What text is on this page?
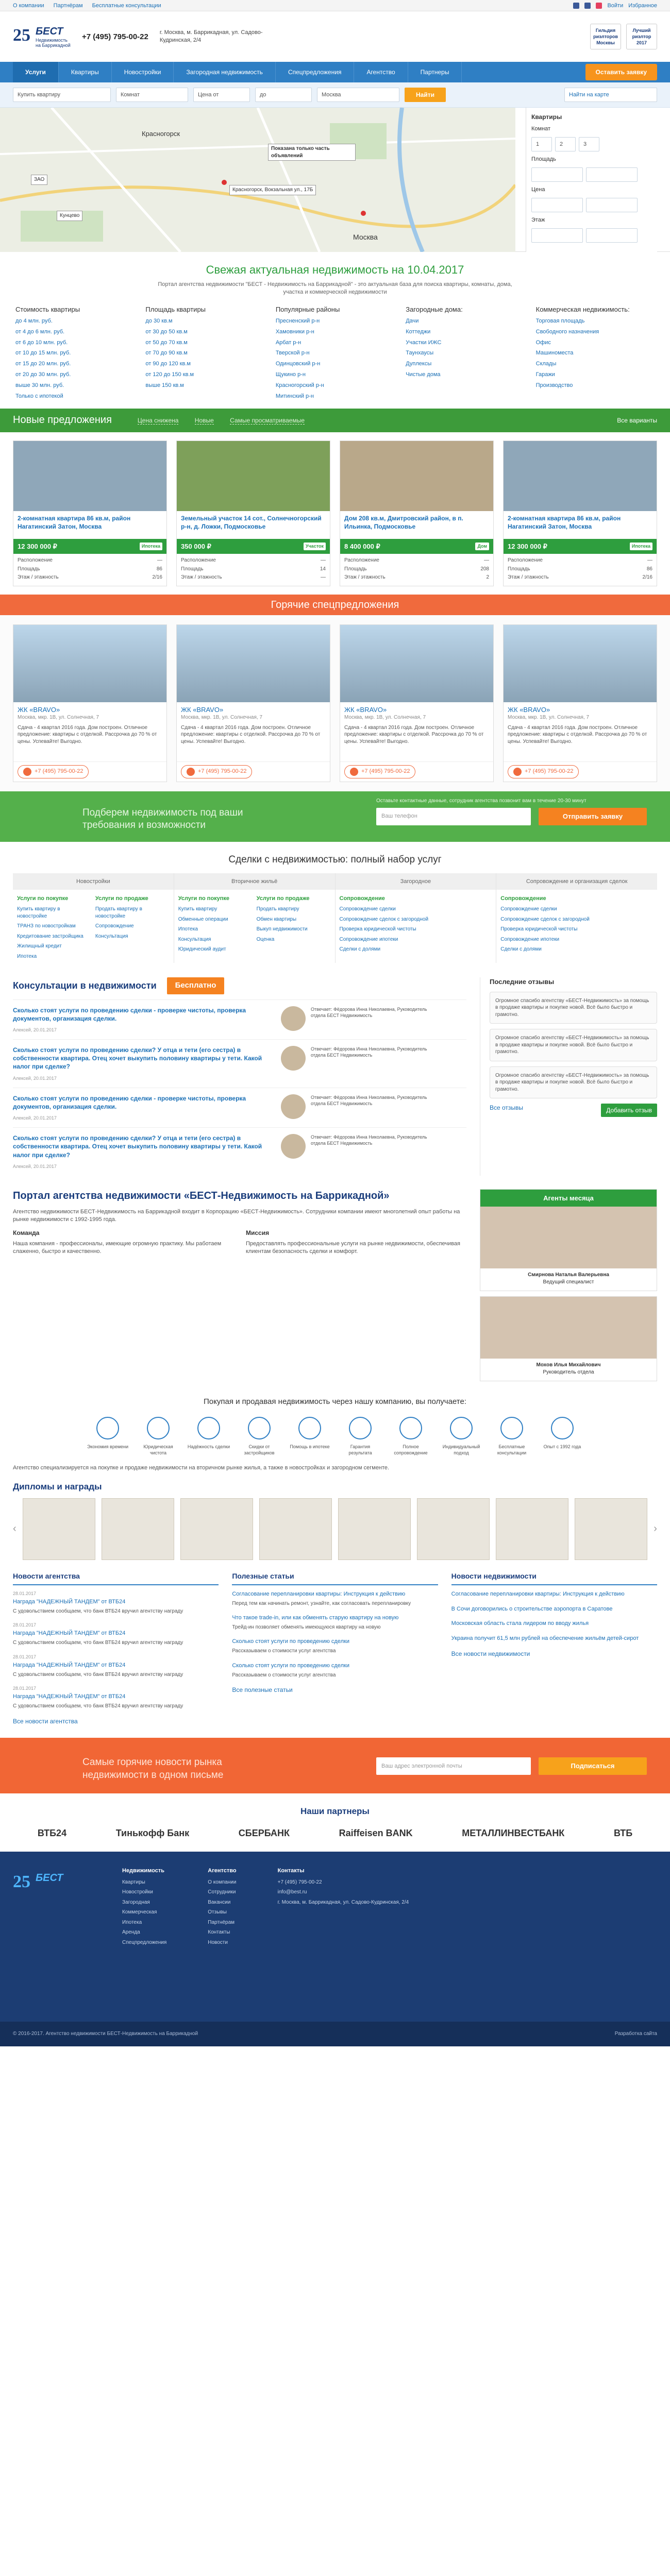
О компании Партнёрам Бесплатные консультации	Войти Избранное
25 БЕСТ
Недвижимость на Баррикадной
+7 (495) 795-00-22 г. Москва, м. Баррикадная, ул. Садово-Кудринская, 2/4
Гильдия риэлторов Москвы
Лучший риэлтор 2017
Услуги	Квартиры	Новостройки	Загородная недвижимость	Спецпредложения	Агентство	Партнеры	Оставить заявку
Купить квартиру	Комнат	Цена от	до	Москва	Найти	Найти на карте
Красногорск
Кунцево
ЗАО
Москва
Показана только часть объявлений
Красногорск, Вокзальная ул., 17Б
Квартиры
Комнат
1	2	3
Площадь
Цена
Этаж
Свежая актуальная недвижимость на 10.04.2017
Портал агентства недвижимости "БЕСТ - Недвижимость на Баррикадной" - это актуальная база для поиска квартиры, комнаты, дома, участка и коммерческой недвижимости
Стоимость квартиры
до 4 млн. руб.
от 4 до 6 млн. руб.
от 6 до 10 млн. руб.
от 10 до 15 млн. руб.
от 15 до 20 млн. руб.
от 20 до 30 млн. руб.
выше 30 млн. руб.
Только с ипотекой
Площадь квартиры
до 30 кв.м
от 30 до 50 кв.м
от 50 до 70 кв.м
от 70 до 90 кв.м
от 90 до 120 кв.м
от 120 до 150 кв.м
выше 150 кв.м
Популярные районы
Пресненский р-н
Хамовники р-н
Арбат р-н
Тверской р-н
Одинцовский р-н
Щукино р-н
Красногорский р-н
Митинский р-н
Загородные дома:
Дачи
Коттеджи
Участки ИЖС
Таунхаусы
Дуплексы
Чистые дома
Коммерческая недвижимость:
Торговая площадь
Свободного назначения
Офис
Машиноместа
Склады
Гаражи
Производство
Новые предложения	Цена снижена	Новые	Самые просматриваемые	Все варианты
2-комнатная квартира 86 кв.м, район Нагатинский Затон, Москва
12 300 000 ₽	Ипотека
Расположение	—
Площадь	86
Этаж / этажность	2/16
Земельный участок 14 сот., Солнечногорский р-н, д. Ложки, Подмосковье
350 000 ₽	Участок
Расположение	—
Площадь	14
Этаж / этажность	—
Дом 208 кв.м, Дмитровский район, в п. Ильинка, Подмосковье
8 400 000 ₽	Дом
Расположение	—
Площадь	208
Этаж / этажность	2
2-комнатная квартира 86 кв.м, район Нагатинский Затон, Москва
12 300 000 ₽	Ипотека
Расположение	—
Площадь	86
Этаж / этажность	2/16
Горячие спецпредложения
ЖК «BRAVO»
Москва, мкр. 1B, ул. Солнечная, 7
Сдача - 4 квартал 2016 года. Дом построен. Отличное предложение: квартиры с отделкой. Рассрочка до 70 % от цены. Успевайте! Выгодно.
+7 (495) 795-00-22
ЖК «BRAVO»
Москва, мкр. 1B, ул. Солнечная, 7
Сдача - 4 квартал 2016 года. Дом построен. Отличное предложение: квартиры с отделкой. Рассрочка до 70 % от цены. Успевайте! Выгодно.
+7 (495) 795-00-22
ЖК «BRAVO»
Москва, мкр. 1B, ул. Солнечная, 7
Сдача - 4 квартал 2016 года. Дом построен. Отличное предложение: квартиры с отделкой. Рассрочка до 70 % от цены. Успевайте! Выгодно.
+7 (495) 795-00-22
ЖК «BRAVO»
Москва, мкр. 1B, ул. Солнечная, 7
Сдача - 4 квартал 2016 года. Дом построен. Отличное предложение: квартиры с отделкой. Рассрочка до 70 % от цены. Успевайте! Выгодно.
+7 (495) 795-00-22
Подберем недвижимость под ваши требования и возможности
Оставьте контактные данные, сотрудник агентства позвонит вам в течение 20-30 минут
Ваш телефон	Отправить заявку
Сделки с недвижимостью: полный набор услуг
Новостройки
Услуги по покупке
Купить квартиру в новостройке
ТРАНЗ по новостройкам
Кредитование застройщика
Жилищный кредит
Ипотека
Услуги по продаже
Продать квартиру в новостройке
Сопровождение
Консультация
Вторичное жильё
Услуги по покупке
Купить квартиру
Обменные операции
Ипотека
Консультация
Юридический аудит
Услуги по продаже
Продать квартиру
Обмен квартиры
Выкуп недвижимости
Оценка
Загородное
Сопровождение
Сопровождение сделки
Сопровождение сделок с загородной
Проверка юридической чистоты
Сопровождение ипотеки
Сделки с долями
Сопровождение и организация сделок
Сопровождение
Сопровождение сделки
Сопровождение сделок с загородной
Проверка юридической чистоты
Сопровождение ипотеки
Сделки с долями
Консультации в недвижимости	Бесплатно
Сколько стоят услуги по проведению сделки - проверке чистоты, проверка документов, организация сделки.
Алексей, 20.01.2017
Отвечает: Фёдорова Инна Николаевна, Руководитель отдела БЕСТ Недвижимость
Сколько стоят услуги по проведению сделки? У отца и тети (его сестра) в собственности квартира. Отец хочет выкупить половину квартиры у тети. Какой налог при сделке?
Алексей, 20.01.2017
Отвечает: Фёдорова Инна Николаевна, Руководитель отдела БЕСТ Недвижимость
Сколько стоят услуги по проведению сделки - проверке чистоты, проверка документов, организация сделки.
Алексей, 20.01.2017
Отвечает: Фёдорова Инна Николаевна, Руководитель отдела БЕСТ Недвижимость
Сколько стоят услуги по проведению сделки? У отца и тети (его сестра) в собственности квартира. Отец хочет выкупить половину квартиры у тети. Какой налог при сделке?
Алексей, 20.01.2017
Отвечает: Фёдорова Инна Николаевна, Руководитель отдела БЕСТ Недвижимость
Последние отзывы
Огромное спасибо агентству «БЕСТ-Недвижимость» за помощь в продаже квартиры и покупке новой. Всё было быстро и грамотно.
Огромное спасибо агентству «БЕСТ-Недвижимость» за помощь в продаже квартиры и покупке новой. Всё было быстро и грамотно.
Огромное спасибо агентству «БЕСТ-Недвижимость» за помощь в продаже квартиры и покупке новой. Всё было быстро и грамотно.
Все отзывы	Добавить отзыв
Портал агентства недвижимости «БЕСТ-Недвижимость на Баррикадной»

Агентство недвижимости БЕСТ-Недвижимость на Баррикадной входит в Корпорацию «БЕСТ-Недвижимость». Сотрудники компании имеют многолетний опыт работы на рынке недвижимости с 1992-1995 года.

Команда

Наша компания - профессионалы, имеющие огромную практику. Мы работаем слаженно, быстро и качественно.

Миссия

Предоставлять профессиональные услуги на рынке недвижимости, обеспечивая клиентам безопасность сделки и комфорт.

Агенты месяца
Смирнова Наталья Валерьевна
Ведущий специалист
Мохов Илья Михайлович
Руководитель отдела
Покупая и продавая недвижимость через нашу компанию, вы получаете:
Экономия времени	Юридическая чистота
Надёжность сделки	Скидки от застройщиков
Помощь в ипотеке	Гарантия результата
Полное сопровождение
Индивидуальный подход
Бесплатные консультации
Опыт с 1992 года

Агентство специализируется на покупке и продаже недвижимости на вторичном рынке жилья, а также в новостройках и загородном сегменте.

Дипломы и награды
‹	›
Новости агентства
28.01.2017
Награда "НАДЕЖНЫЙ ТАНДЕМ" от ВТБ24

С удовольствием сообщаем, что банк ВТБ24 вручил агентству награду

28.01.2017
Награда "НАДЕЖНЫЙ ТАНДЕМ" от ВТБ24

С удовольствием сообщаем, что банк ВТБ24 вручил агентству награду

28.01.2017
Награда "НАДЕЖНЫЙ ТАНДЕМ" от ВТБ24

С удовольствием сообщаем, что банк ВТБ24 вручил агентству награду

28.01.2017
Награда "НАДЕЖНЫЙ ТАНДЕМ" от ВТБ24

С удовольствием сообщаем, что банк ВТБ24 вручил агентству награду

Все новости агентства
Полезные статьи
Согласование перепланировки квартиры: Инструкция к действию

Перед тем как начинать ремонт, узнайте, как согласовать перепланировку

Что такое trade-in, или как обменять старую квартиру на новую

Трейд-ин позволяет обменять имеющуюся квартиру на новую

Сколько стоят услуги по проведению сделки

Рассказываем о стоимости услуг агентства

Сколько стоят услуги по проведению сделки

Рассказываем о стоимости услуг агентства

Все полезные статьи
Новости недвижимости
Согласование перепланировки квартиры: Инструкция к действию
В Сочи договорились о строительстве аэропорта в Саратове
Московская область стала лидером по вводу жилья
Украина получит 61,5 млн рублей на обеспечение жильём детей-сирот
Все новости недвижимости
Самые горячие новости рынка недвижимости в одном письме
Ваш адрес электронной почты	Подписаться
Наши партнеры
ВТБ24	Тинькофф Банк	СБЕРБАНК	Raiffeisen BANK	МЕТАЛЛИНВЕСТБАНК	ВТБ
25 БЕСТ
Недвижимость
Квартиры
Новостройки
Загородная
Коммерческая
Ипотека
Аренда
Спецпредложения
Агентство
О компании
Сотрудники
Вакансии
Отзывы
Партнёрам
Контакты
Новости
Контакты
+7 (495) 795-00-22
info@best.ru
г. Москва, м. Баррикадная, ул. Садово-Кудринская, 2/4
© 2016-2017. Агентство недвижимости БЕСТ-Недвижимость на Баррикадной	Разработка сайта
